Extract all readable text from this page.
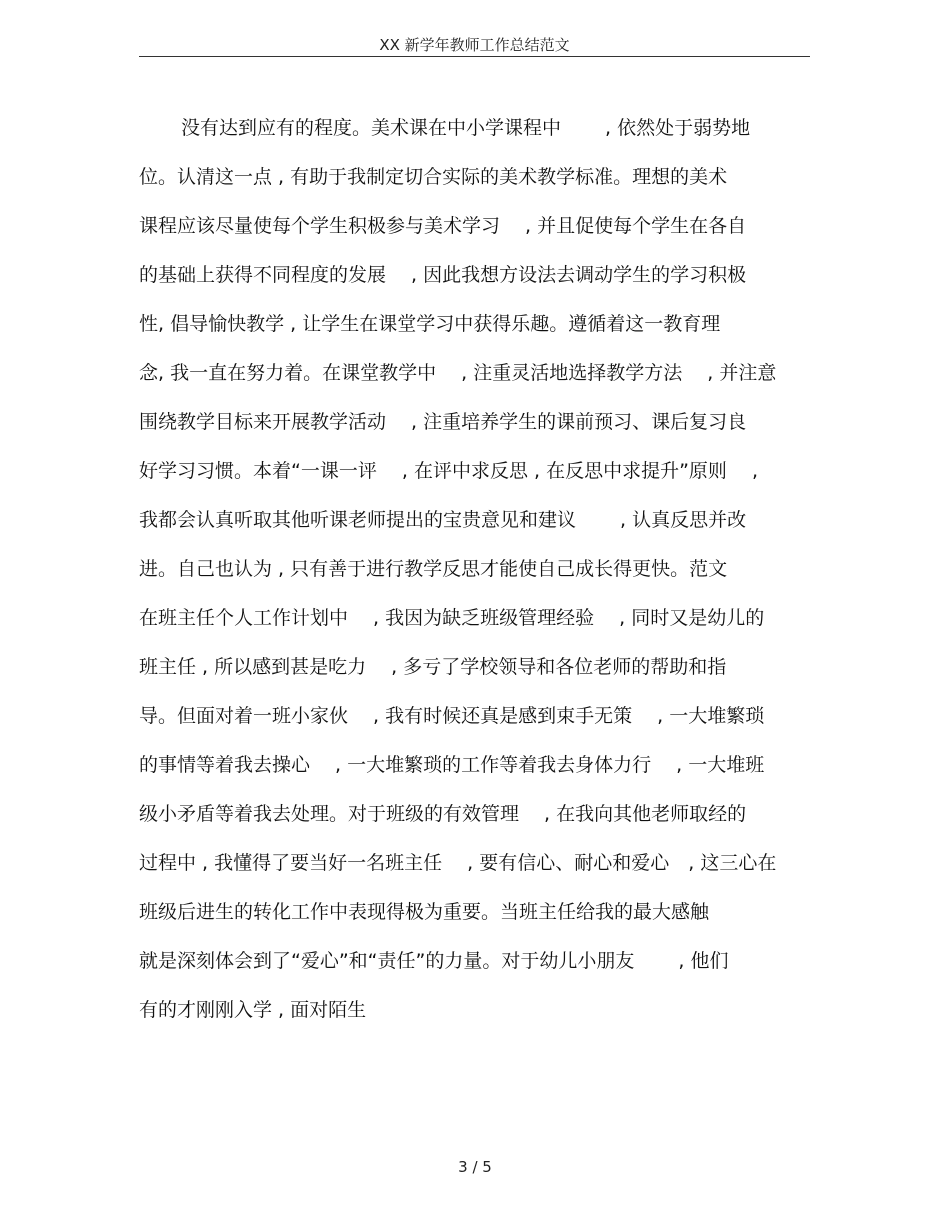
XX 新学年教师工作总结范文
没有达到应有的程度。美术课在中小学课程中　　 , 依然处于弱势地
位。认清这一点 , 有助于我制定切合实际的美术教学标准。理想的美术
课程应该尽量使每个学生积极参与美术学习　 , 并且促使每个学生在各自
的基础上获得不同程度的发展　 , 因此我想方设法去调动学生的学习积极
性, 倡导愉快教学 , 让学生在课堂学习中获得乐趣。遵循着这一教育理
念, 我一直在努力着。在课堂教学中　 , 注重灵活地选择教学方法　 , 并注意
围绕教学目标来开展教学活动　 , 注重培养学生的课前预习、课后复习良
好学习习惯。本着“一课一评　 , 在评中求反思 , 在反思中求提升”原则　 ,
我都会认真听取其他听课老师提出的宝贵意见和建议　　 , 认真反思并改
进。自己也认为 , 只有善于进行教学反思才能使自己成长得更快。范文
在班主任个人工作计划中　 , 我因为缺乏班级管理经验　 , 同时又是幼儿的
班主任 , 所以感到甚是吃力　 , 多亏了学校领导和各位老师的帮助和指
导。但面对着一班小家伙　 , 我有时候还真是感到束手无策　 , 一大堆繁琐
的事情等着我去操心　 , 一大堆繁琐的工作等着我去身体力行　 , 一大堆班
级小矛盾等着我去处理。对于班级的有效管理　 , 在我向其他老师取经的
过程中 , 我懂得了要当好一名班主任　 , 要有信心、耐心和爱心　, 这三心在
班级后进生的转化工作中表现得极为重要。当班主任给我的最大感触
就是深刻体会到了“爱心”和“责任”的力量。对于幼儿小朋友　　 , 他们
有的才刚刚入学 , 面对陌生
3 / 5
